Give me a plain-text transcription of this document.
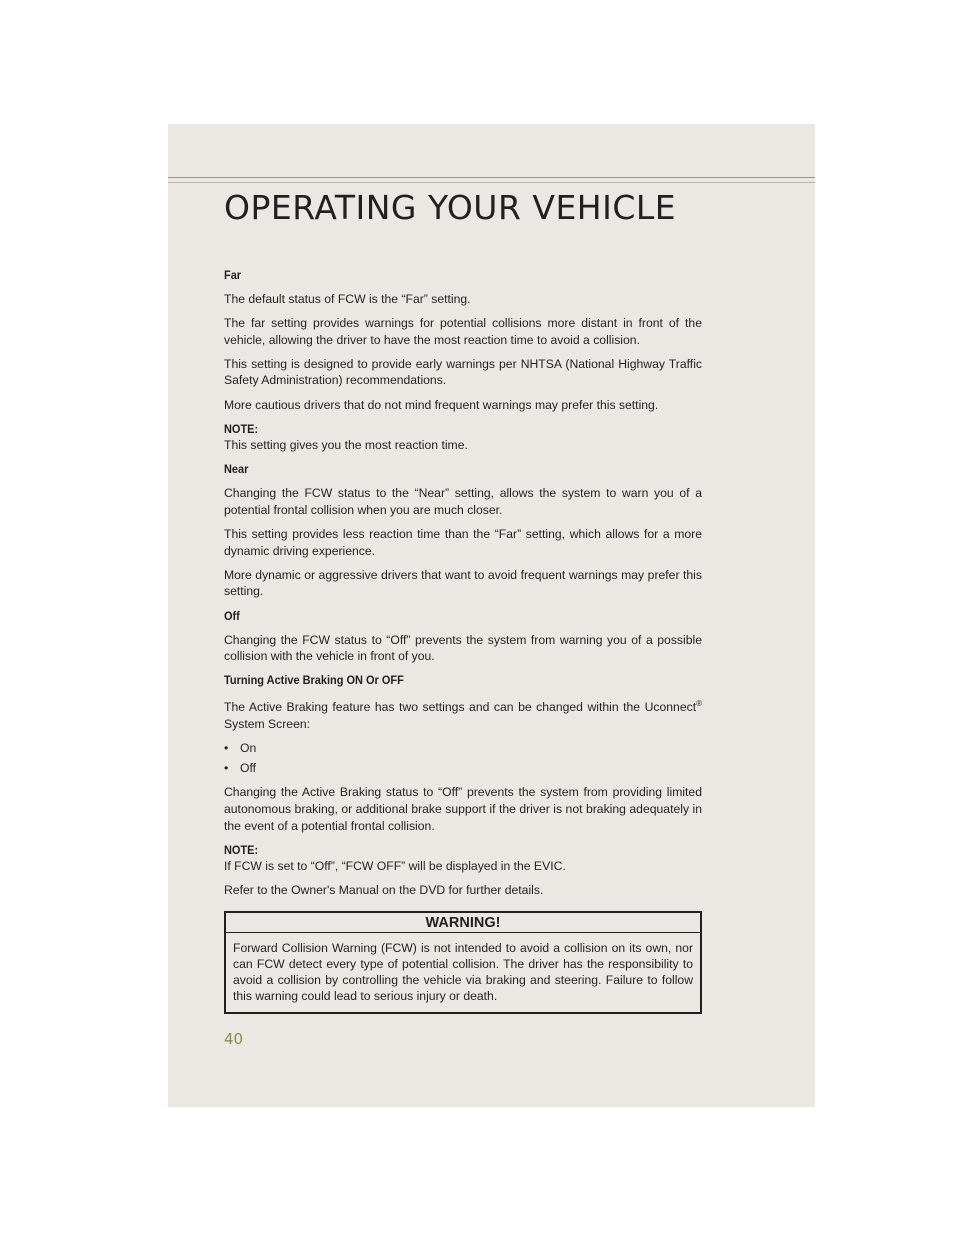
OPERATING YOUR VEHICLE
Far

The default status of FCW is the “Far” setting.

The far setting provides warnings for potential collisions more distant in front of the vehicle, allowing the driver to have the most reaction time to avoid a collision.

This setting is designed to provide early warnings per NHTSA (National Highway Traffic Safety Administration) recommendations.

More cautious drivers that do not mind frequent warnings may prefer this setting.

NOTE:

This setting gives you the most reaction time.

Near

Changing the FCW status to the “Near” setting, allows the system to warn you of a potential frontal collision when you are much closer.

This setting provides less reaction time than the “Far” setting, which allows for a more dynamic driving experience.

More dynamic or aggressive drivers that want to avoid frequent warnings may prefer this setting.

Off

Changing the FCW status to “Off” prevents the system from warning you of a possible collision with the vehicle in front of you.

Turning Active Braking ON Or OFF

The Active Braking feature has two settings and can be changed within the Uconnect® System Screen:

• On
• Off

Changing the Active Braking status to “Off” prevents the system from providing limited autonomous braking, or additional brake support if the driver is not braking adequately in the event of a potential frontal collision.

NOTE:

If FCW is set to “Off”, “FCW OFF” will be displayed in the EVIC.

Refer to the Owner's Manual on the DVD for further details.

WARNING!
Forward Collision Warning (FCW) is not intended to avoid a collision on its own, nor can FCW detect every type of potential collision. The driver has the responsibility to avoid a collision by controlling the vehicle via braking and steering. Failure to follow this warning could lead to serious injury or death.
40
